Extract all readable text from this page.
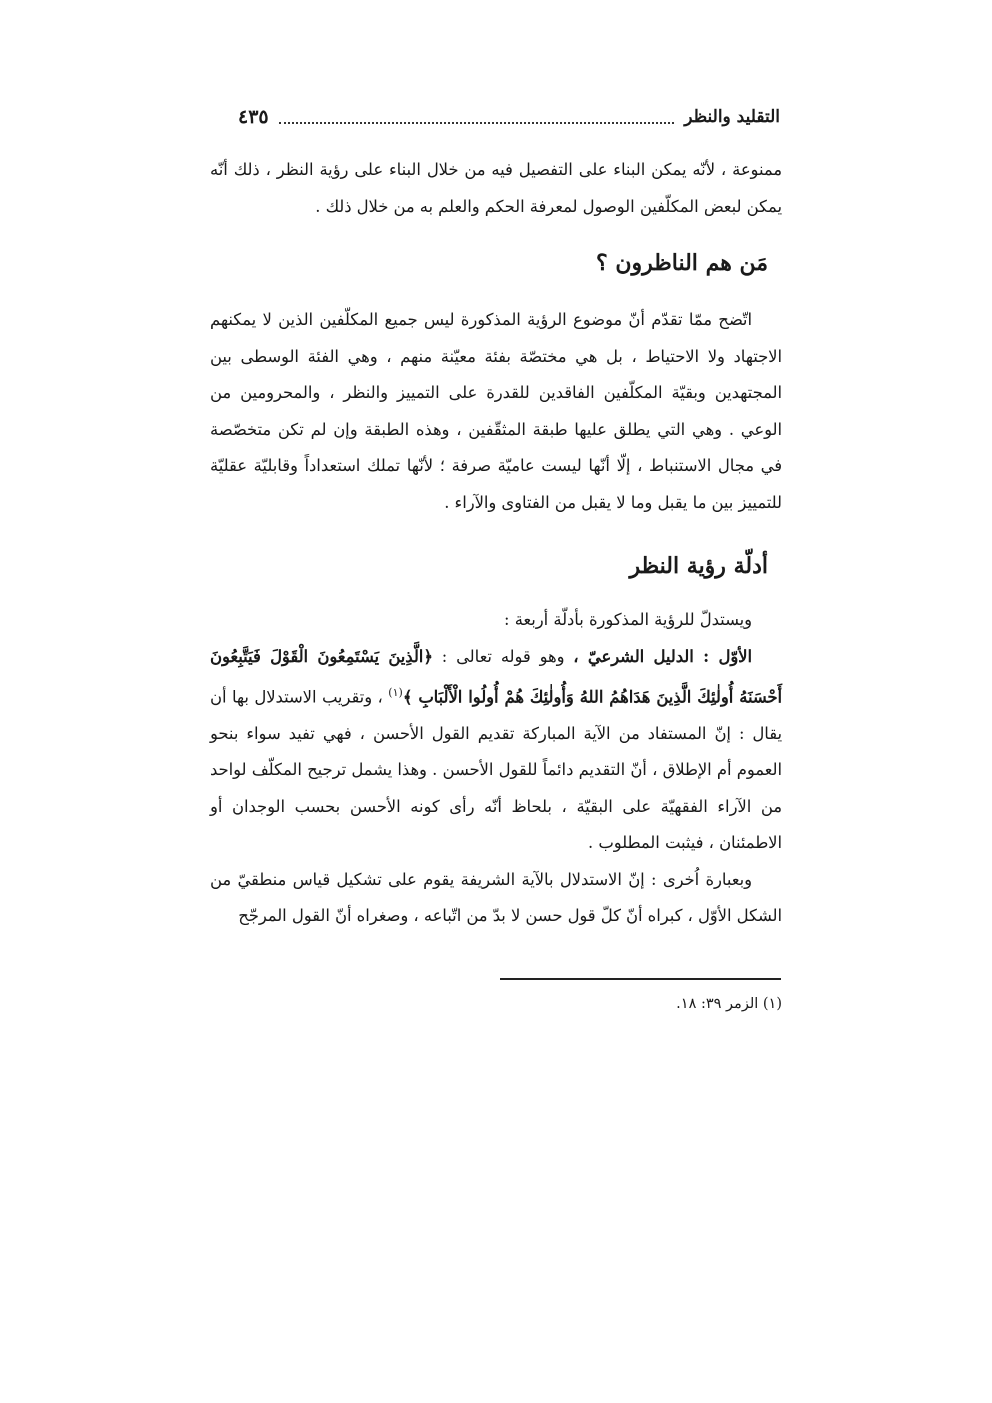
التقليد والنظر
٤٣٥

ممنوعة ، لأنّه يمكن البناء على التفصيل فيه من خلال البناء على رؤية النظر ، ذلك أنّه يمكن لبعض المكلّفين الوصول لمعرفة الحكم والعلم به من خلال ذلك .

مَن هم الناظرون ؟

اتّضح ممّا تقدّم أنّ موضوع الرؤية المذكورة ليس جميع المكلّفين الذين لا يمكنهم الاجتهاد ولا الاحتياط ، بل هي مختصّة بفئة معيّنة منهم ، وهي الفئة الوسطى بين المجتهدين وبقيّة المكلّفين الفاقدين للقدرة على التمييز والنظر ، والمحرومين من الوعي . وهي التي يطلق عليها طبقة المثقّفين ، وهذه الطبقة وإن لم تكن متخصّصة في مجال الاستنباط ، إلّا أنّها ليست عاميّة صرفة ؛ لأنّها تملك استعداداً وقابليّة عقليّة للتمييز بين ما يقبل وما لا يقبل من الفتاوى والآراء .

أدلّة رؤية النظر

ويستدلّ للرؤية المذكورة بأدلّة أربعة :

الأوّل : الدليل الشرعيّ ، وهو قوله تعالى : ﴿الَّذِينَ يَسْتَمِعُونَ الْقَوْلَ فَيَتَّبِعُونَ أَحْسَنَهُ أُولٰئِكَ الَّذِينَ هَدَاهُمُ اللهُ وَأُولٰئِكَ هُمْ أُولُوا الْأَلْبَابِ ﴾$^{(١)}$ ، وتقريب الاستدلال بها أن يقال : إنّ المستفاد من الآية المباركة تقديم القول الأحسن ، فهي تفيد سواء بنحو العموم أم الإطلاق ، أنّ التقديم دائماً للقول الأحسن . وهذا يشمل ترجيح المكلّف لواحد من الآراء الفقهيّة على البقيّة ، بلحاظ أنّه رأى كونه الأحسن بحسب الوجدان أو الاطمئنان ، فيثبت المطلوب .

وبعبارة اُخرى : إنّ الاستدلال بالآية الشريفة يقوم على تشكيل قياس منطقيّ من الشكل الأوّل ، كبراه أنّ كلّ قول حسن لا بدّ من اتّباعه ، وصغراه أنّ القول المرجّح

(١) الزمر ٣٩: ١٨.
